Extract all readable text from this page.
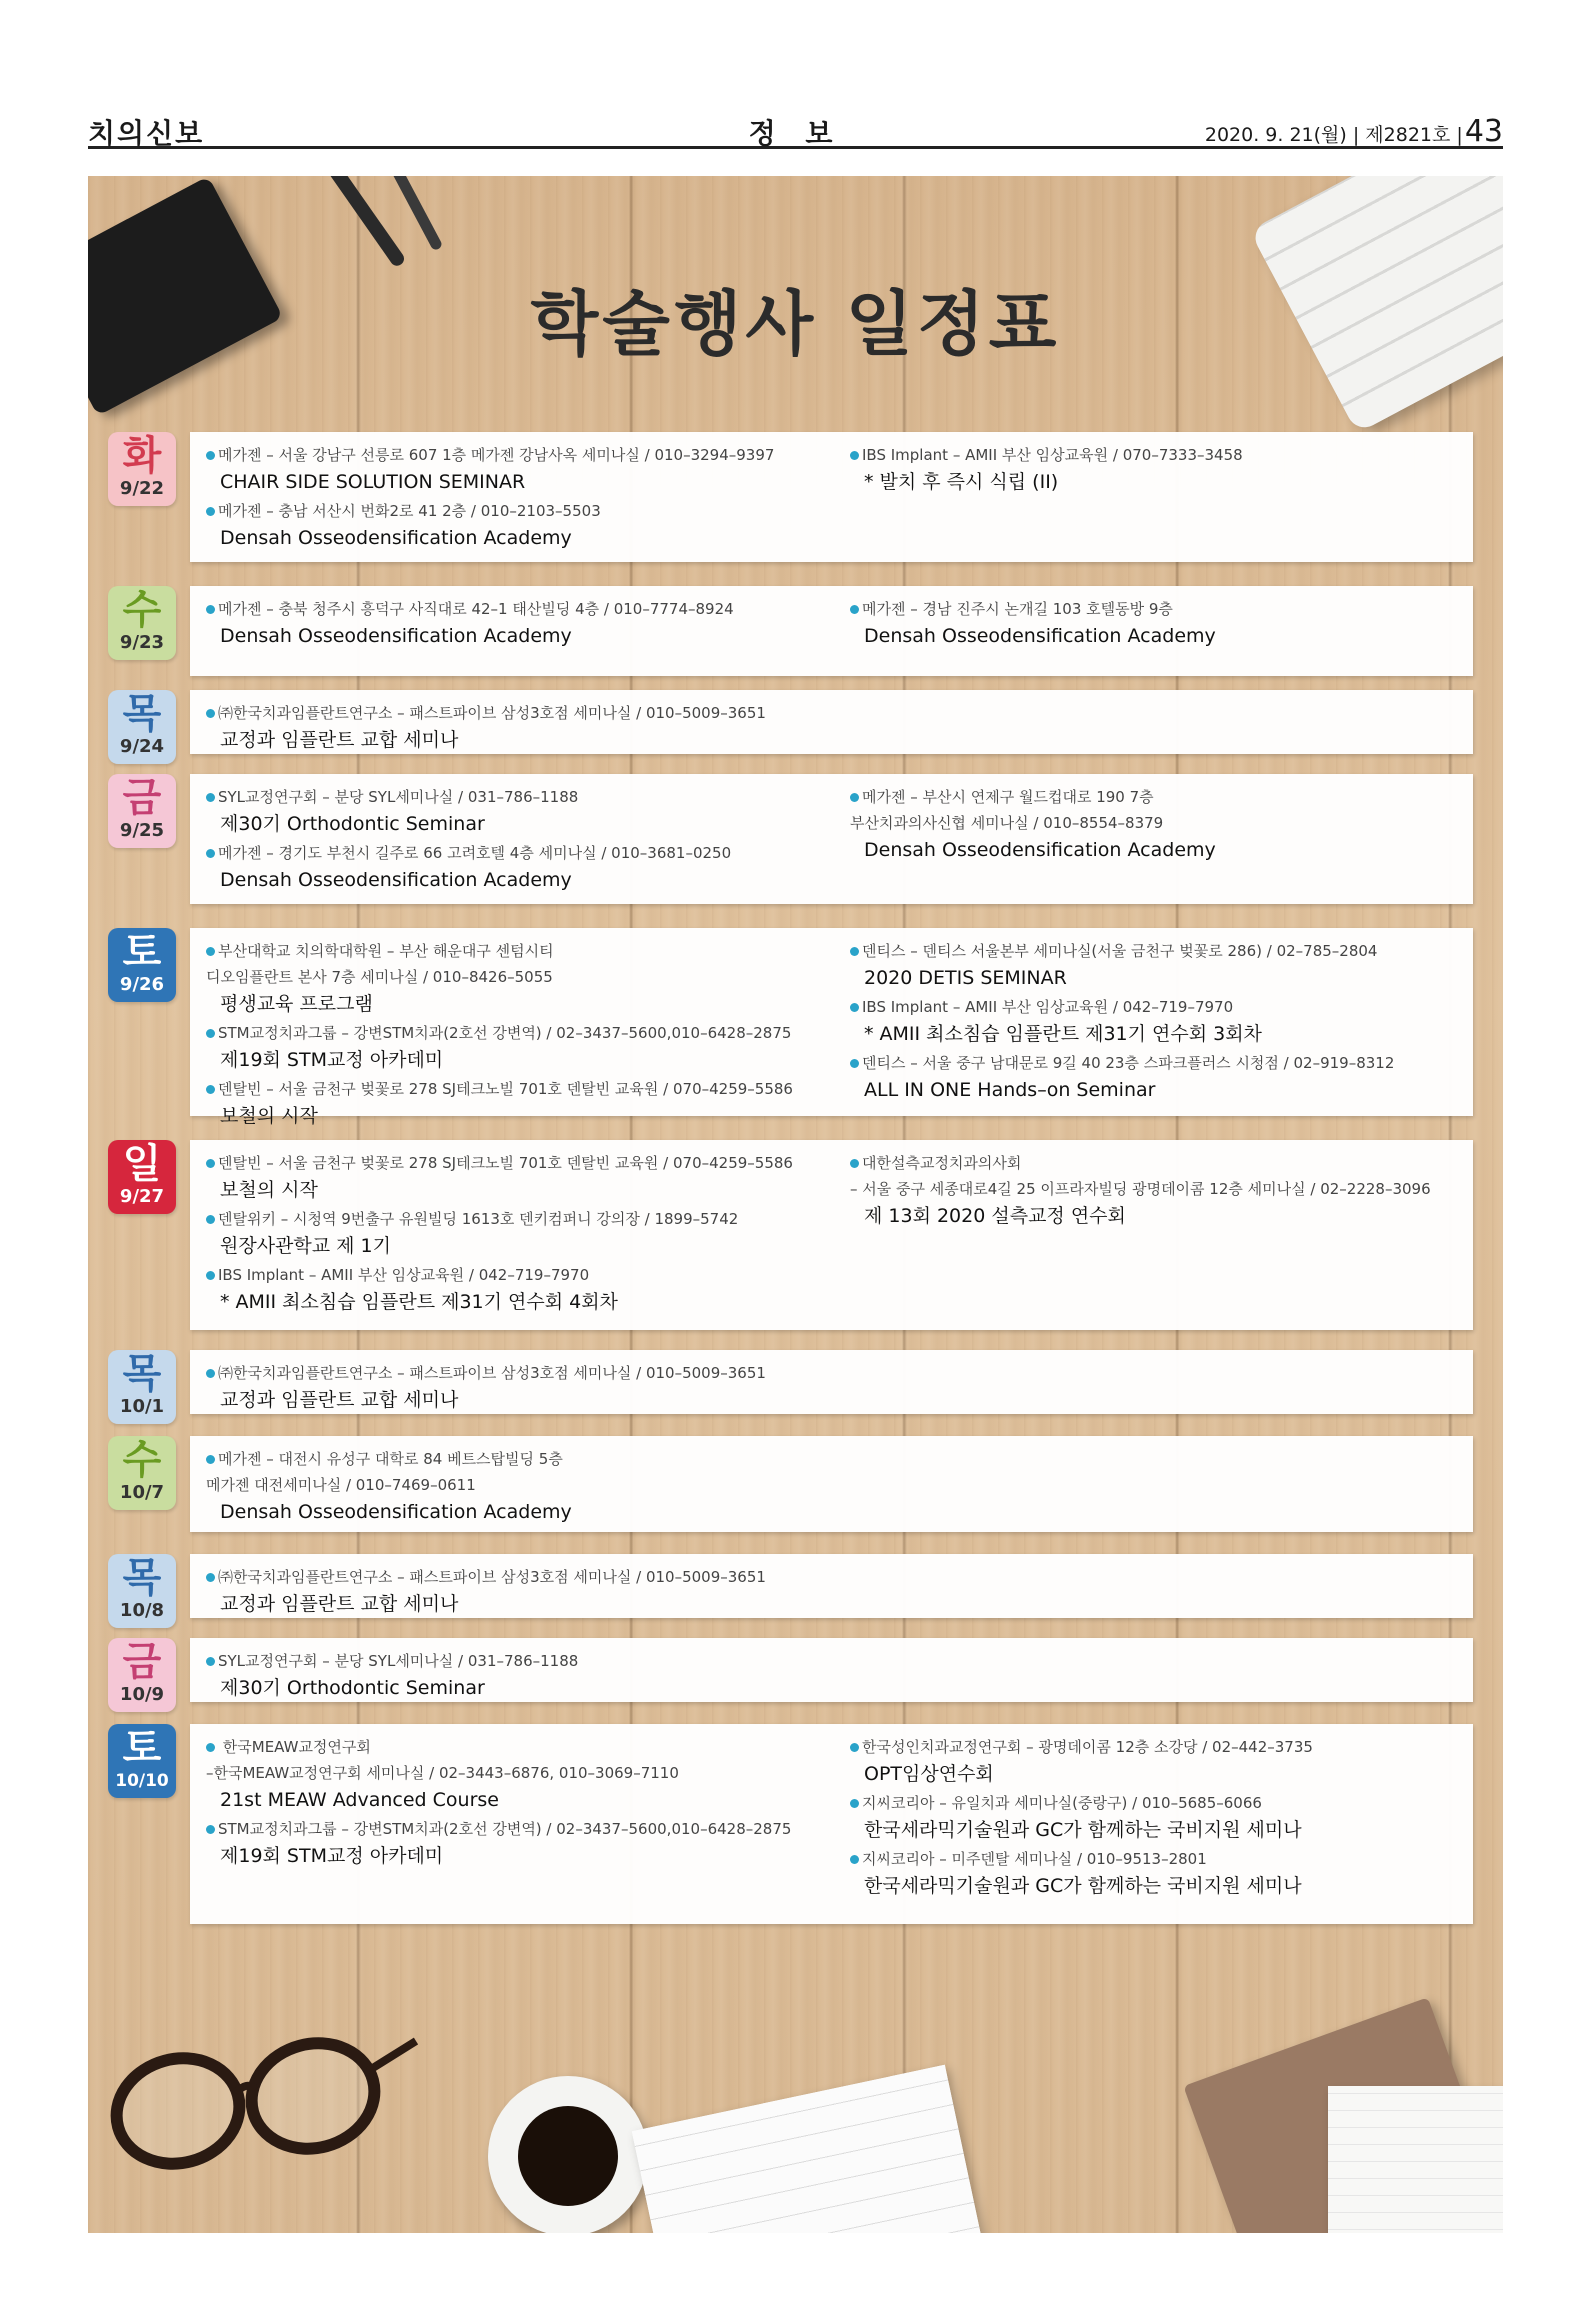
치의신보	정 보	2020. 9. 21(월) | 제2821호 |43
학술행사 일정표
화
9/22
메가젠 – 서울 강남구 선릉로 607 1층 메가젠 강남사옥 세미나실 / 010–3294–9397
CHAIR SIDE SOLUTION SEMINAR
메가젠 – 충남 서산시 번화2로 41 2층 / 010–2103–5503
Densah Osseodensification Academy
IBS Implant – AMII 부산 임상교육원 / 070–7333–3458
* 발치 후 즉시 식립 (II)
수
9/23
메가젠 – 충북 청주시 흥덕구 사직대로 42–1 태산빌딩 4층 / 010–7774–8924
Densah Osseodensification Academy
메가젠 – 경남 진주시 논개길 103 호텔동방 9층
Densah Osseodensification Academy
목
9/24
㈜한국치과임플란트연구소 – 패스트파이브 삼성3호점 세미나실 / 010–5009–3651
교정과 임플란트 교합 세미나
금
9/25
SYL교정연구회 – 분당 SYL세미나실 / 031–786–1188
제30기 Orthodontic Seminar
메가젠 – 경기도 부천시 길주로 66 고려호텔 4층 세미나실 / 010–3681–0250
Densah Osseodensification Academy
메가젠 – 부산시 연제구 월드컵대로 190 7층
부산치과의사신협 세미나실 / 010–8554–8379
Densah Osseodensification Academy
토
9/26
부산대학교 치의학대학원 – 부산 해운대구 센텀시티
디오임플란트 본사 7층 세미나실 / 010–8426–5055
평생교육 프로그램
STM교정치과그룹 – 강변STM치과(2호선 강변역) / 02–3437–5600,010–6428–2875
제19회 STM교정 아카데미
덴탈빈 – 서울 금천구 벚꽃로 278 SJ테크노빌 701호 덴탈빈 교육원 / 070–4259–5586
보철의 시작
덴티스 – 덴티스 서울본부 세미나실(서울 금천구 벚꽃로 286) / 02–785–2804
2020 DETIS SEMINAR
IBS Implant – AMII 부산 임상교육원 / 042–719–7970
* AMII 최소침습 임플란트 제31기 연수회 3회차
덴티스 – 서울 중구 남대문로 9길 40 23층 스파크플러스 시청점 / 02–919–8312
ALL IN ONE Hands–on Seminar
일
9/27
덴탈빈 – 서울 금천구 벚꽃로 278 SJ테크노빌 701호 덴탈빈 교육원 / 070–4259–5586
보철의 시작
덴탈위키 – 시청역 9번출구 유원빌딩 1613호 덴키컴퍼니 강의장 / 1899–5742
원장사관학교 제 1기
IBS Implant – AMII 부산 임상교육원 / 042–719–7970
* AMII 최소침습 임플란트 제31기 연수회 4회차
대한설측교정치과의사회
– 서울 중구 세종대로4길 25 이프라자빌딩 광명데이콤 12층 세미나실 / 02–2228–3096
제 13회 2020 설측교정 연수회
목
10/1
㈜한국치과임플란트연구소 – 패스트파이브 삼성3호점 세미나실 / 010–5009–3651
교정과 임플란트 교합 세미나
수
10/7
메가젠 – 대전시 유성구 대학로 84 베트스탑빌딩 5층
메가젠 대전세미나실 / 010–7469–0611
Densah Osseodensification Academy
목
10/8
㈜한국치과임플란트연구소 – 패스트파이브 삼성3호점 세미나실 / 010–5009–3651
교정과 임플란트 교합 세미나
금
10/9
SYL교정연구회 – 분당 SYL세미나실 / 031–786–1188
제30기 Orthodontic Seminar
토
10/10
한국MEAW교정연구회
–한국MEAW교정연구회 세미나실 / 02–3443–6876, 010–3069–7110
21st MEAW Advanced Course
STM교정치과그룹 – 강변STM치과(2호선 강변역) / 02–3437–5600,010–6428–2875
제19회 STM교정 아카데미
한국성인치과교정연구회 – 광명데이콤 12층 소강당 / 02–442–3735
OPT임상연수회
지씨코리아 – 유일치과 세미나실(중랑구) / 010–5685–6066
한국세라믹기술원과 GC가 함께하는 국비지원 세미나
지씨코리아 – 미주덴탈 세미나실 / 010–9513–2801
한국세라믹기술원과 GC가 함께하는 국비지원 세미나
